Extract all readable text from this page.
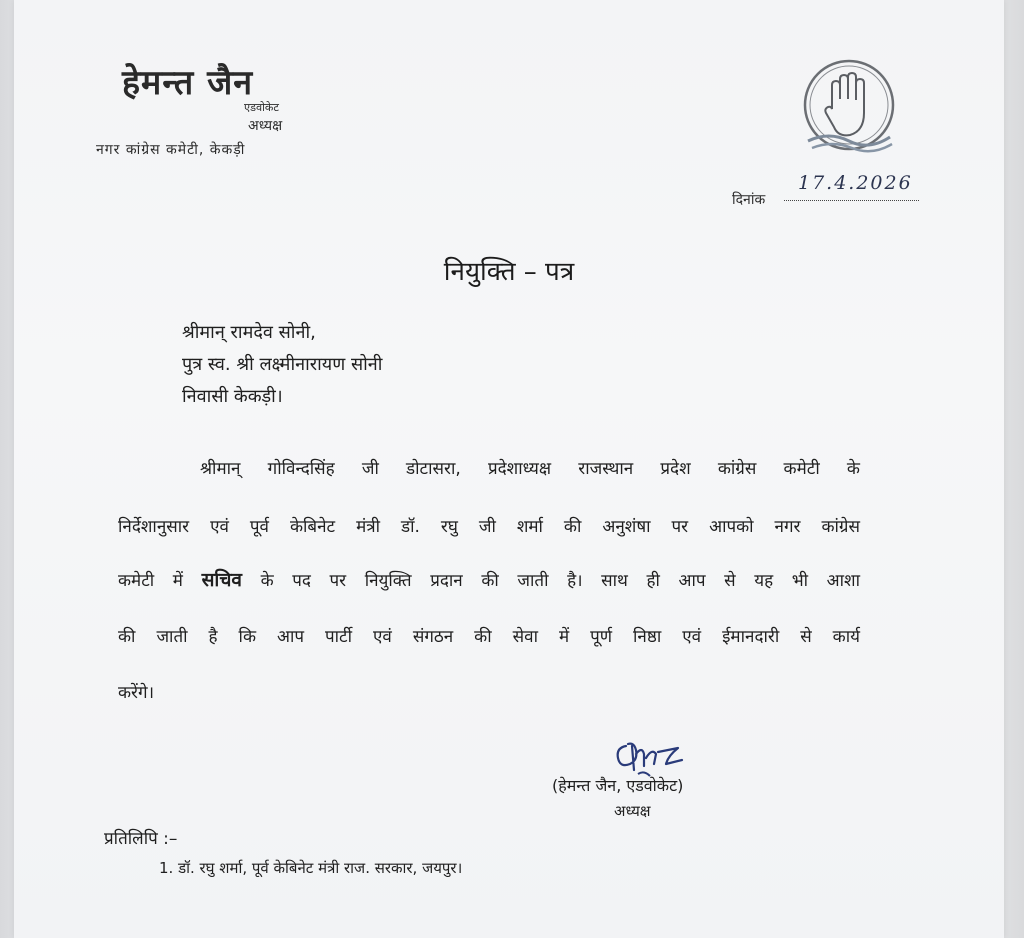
हेमन्त जैन
एडवोकेट
अध्यक्ष
नगर कांग्रेस कमेटी, केकड़ी
दिनांक
17.4.2026
नियुक्ति – पत्र
श्रीमान् रामदेव सोनी,
पुत्र स्व. श्री लक्ष्मीनारायण सोनी
निवासी केकड़ी।
श्रीमान् गोविन्दसिंह जी डोटासरा, प्रदेशाध्यक्ष राजस्थान प्रदेश कांग्रेस कमेटी के
निर्देशानुसार एवं पूर्व केबिनेट मंत्री डॉ. रघु जी शर्मा की अनुशंषा पर आपको नगर कांग्रेस
कमेटी में सचिव के पद पर नियुक्ति प्रदान की जाती है। साथ ही आप से यह भी आशा
की जाती है कि आप पार्टी एवं संगठन की सेवा में पूर्ण निष्ठा एवं ईमानदारी से कार्य
करेंगे।
(हेमन्त जैन, एडवोकेट)
अध्यक्ष
प्रतिलिपि :–
1. डॉ. रघु शर्मा, पूर्व केबिनेट मंत्री राज. सरकार, जयपुर।
